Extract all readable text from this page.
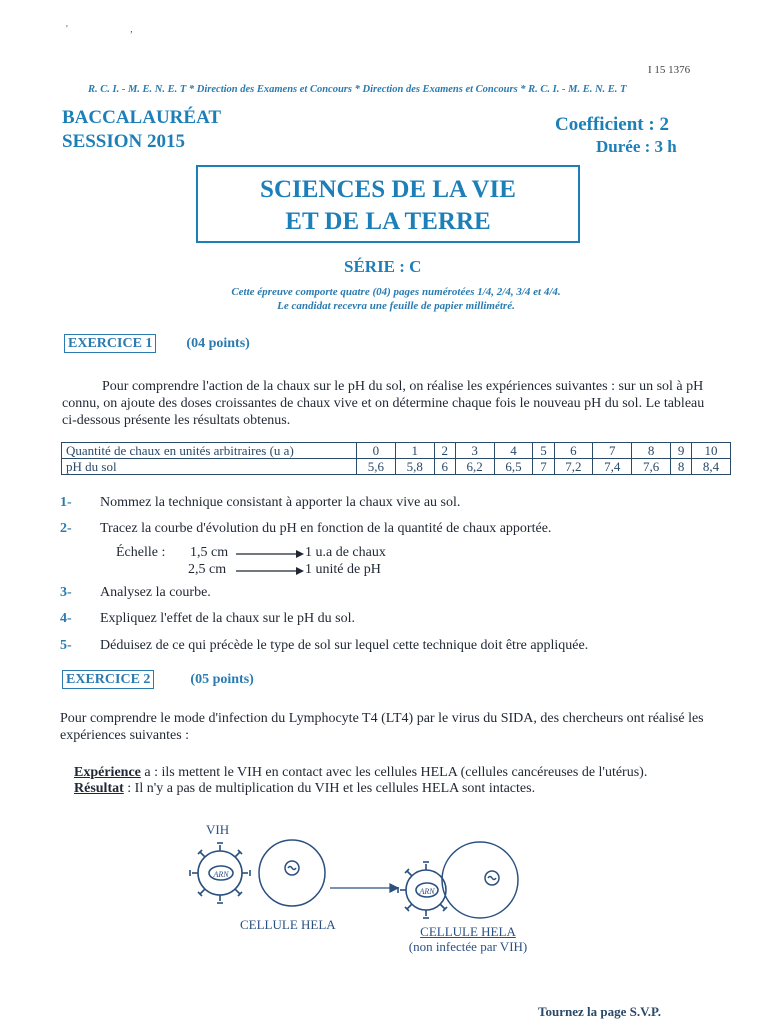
' ,
I 15 1376
R. C. I. - M. E. N. E. T * Direction des Examens et Concours * Direction des Examens et Concours * R. C. I. - M. E. N. E. T
BACCALAURÉAT
SESSION 2015
Coefficient : 2
Durée : 3 h
SCIENCES DE LA VIE
ET DE LA TERRE
SÉRIE : C
Cette épreuve comporte quatre (04) pages numérotées 1/4, 2/4, 3/4 et 4/4.
Le candidat recevra une feuille de papier millimétré.
EXERCICE 1 (04 points)
Pour comprendre l'action de la chaux sur le pH du sol, on réalise les expériences suivantes : sur un sol à pH connu, on ajoute des doses croissantes de chaux vive et on détermine chaque fois le nouveau pH du sol. Le tableau ci-dessous présente les résultats obtenus.
Quantité de chaux en unités arbitraires (u a)	0	1	2	3	4	5	6	7	8	9	10
pH du sol	5,6	5,8	6	6,2	6,5	7	7,2	7,4	7,6	8	8,4
1- Nommez la technique consistant à apporter la chaux vive au sol.
2- Tracez la courbe d'évolution du pH en fonction de la quantité de chaux apportée.
Échelle : 1,5 cm	1 u.a de chaux
2,5 cm	1 unité de pH
3- Analysez la courbe.
4- Expliquez l'effet de la chaux sur le pH du sol.
5- Déduisez de ce qui précède le type de sol sur lequel cette technique doit être appliquée.
EXERCICE 2	(05 points)
Pour comprendre le mode d'infection du Lymphocyte T4 (LT4) par le virus du SIDA, des chercheurs ont réalisé les expériences suivantes :
Expérience a : ils mettent le VIH en contact avec les cellules HELA (cellules cancéreuses de l'utérus).
Résultat : Il n'y a pas de multiplication du VIH et les cellules HELA sont intactes.
VIH
ARN
ARN
CELLULE HELA	CELLULE HELA
(non infectée par VIH)
Tournez la page S.V.P.
